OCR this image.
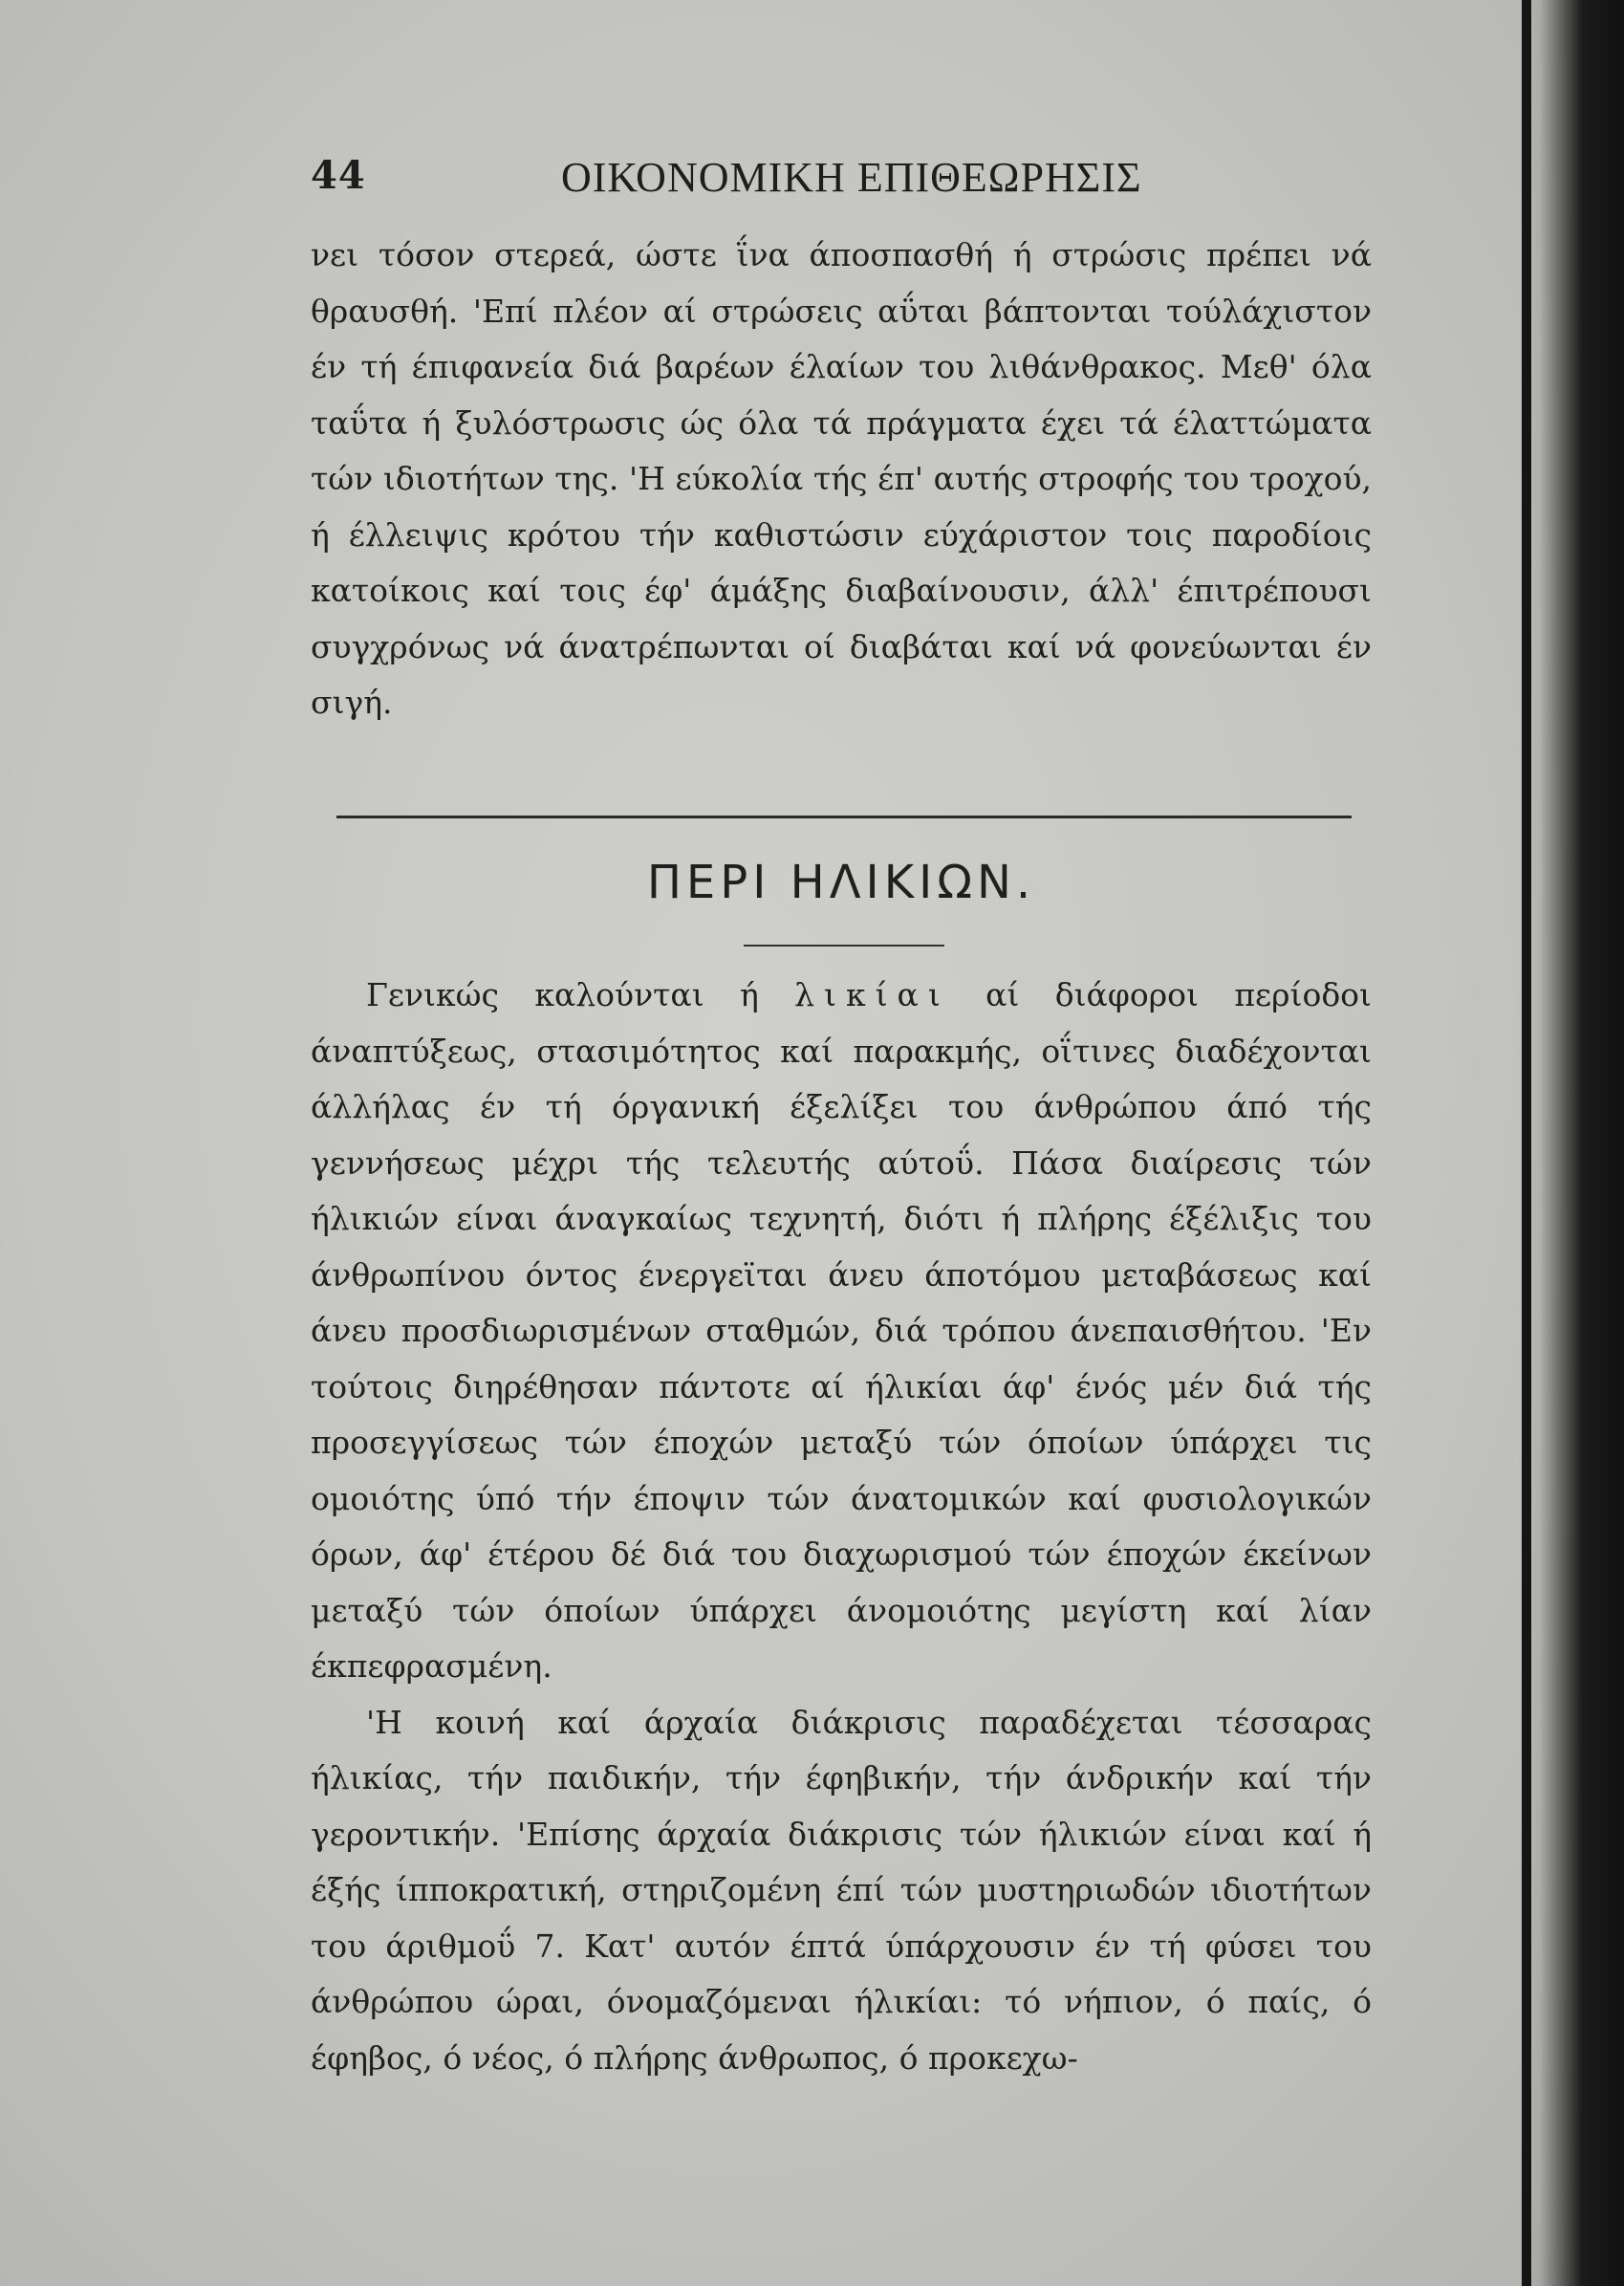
44	ΟΙΚΟΝΟΜΙΚΗ ΕΠΙΘΕΩΡΗΣΙΣ

νει τόσον στερεά, ώστε ΐνα άποσπασθή ή στρώσις πρέπει νά θραυσθή. 'Επί πλέον αί στρώσεις αΰται βάπτονται τούλάχιστον έν τή έπιφανεία διά βαρέων έλαίων του λιθάνθρακος. Μεθ' όλα ταΰτα ή ξυλόστρωσις ώς όλα τά πράγματα έχει τά έλαττώματα τών ιδιοτήτων της. 'Η εύκολία τής έπ' αυτής στροφής του τροχού, ή έλλειψις κρότου τήν καθιστώσιν εύχάριστον τοις παροδίοις κατοίκοις καί τοις έφ' άμάξης διαβαίνουσιν, άλλ' έπιτρέπουσι συγχρόνως νά άνατρέπωνται οί διαβάται καί νά φονεύωνται έν σιγή.

ΠΕΡΙ ΗΛΙΚΙΩΝ.

Γενικώς καλούνται ή λικίαι αί διάφοροι περίοδοι άναπτύξεως, στασιμότητος καί παρακμής, οΐτινες διαδέχονται άλλήλας έν τή όργανική έξελίξει του άνθρώπου άπό τής γεννήσεως μέχρι τής τελευτής αύτοΰ. Πάσα διαίρεσις τών ήλικιών είναι άναγκαίως τεχνητή, διότι ή πλήρης έξέλιξις του άνθρωπίνου όντος ένεργεϊται άνευ άποτόμου μεταβάσεως καί άνευ προσδιωρισμένων σταθμών, διά τρόπου άνεπαισθήτου. 'Εν τούτοις διηρέθησαν πάντοτε αί ήλικίαι άφ' ένός μέν διά τής προσεγγίσεως τών έποχών μεταξύ τών όποίων ύπάρχει τις ομοιότης ύπό τήν έποψιν τών άνατομικών καί φυσιολογικών όρων, άφ' έτέρου δέ διά του διαχωρισμού τών έποχών έκείνων μεταξύ τών όποίων ύπάρχει άνομοιότης μεγίστη καί λίαν έκπεφρασμένη.

'Η κοινή καί άρχαία διάκρισις παραδέχεται τέσσαρας ήλικίας, τήν παιδικήν, τήν έφηβικήν, τήν άνδρικήν καί τήν γεροντικήν. 'Επίσης άρχαία διάκρισις τών ήλικιών είναι καί ή έξής ίπποκρατική, στηριζομένη έπί τών μυστηριωδών ιδιοτήτων του άριθμοΰ 7. Κατ' αυτόν έπτά ύπάρχουσιν έν τή φύσει του άνθρώπου ώραι, όνομαζόμεναι ήλικίαι: τό νήπιον, ό παίς, ό έφηβος, ό νέος, ό πλήρης άνθρωπος, ό προκεχω-
